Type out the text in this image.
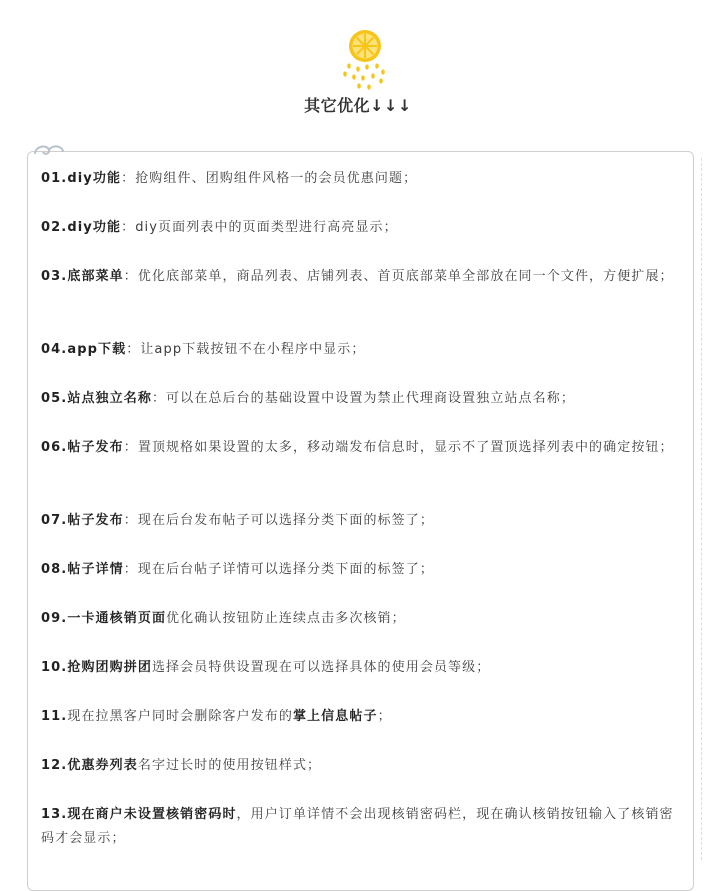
其它优化↓↓↓

01.diy功能：抢购组件、团购组件风格一的会员优惠问题；

02.diy功能：diy页面列表中的页面类型进行高亮显示；

03.底部菜单：优化底部菜单，商品列表、店铺列表、首页底部菜单全部放在同一个文件，方便扩展；

04.app下载：让app下载按钮不在小程序中显示；

05.站点独立名称：可以在总后台的基础设置中设置为禁止代理商设置独立站点名称；

06.帖子发布：置顶规格如果设置的太多，移动端发布信息时，显示不了置顶选择列表中的确定按钮；

07.帖子发布：现在后台发布帖子可以选择分类下面的标签了；

08.帖子详情：现在后台帖子详情可以选择分类下面的标签了；

09.一卡通核销页面优化确认按钮防止连续点击多次核销；

10.抢购团购拼团选择会员特供设置现在可以选择具体的使用会员等级；

11.现在拉黑客户同时会删除客户发布的掌上信息帖子；

12.优惠券列表名字过长时的使用按钮样式；

13.现在商户未设置核销密码时，用户订单详情不会出现核销密码栏，现在确认核销按钮输入了核销密码才会显示；
